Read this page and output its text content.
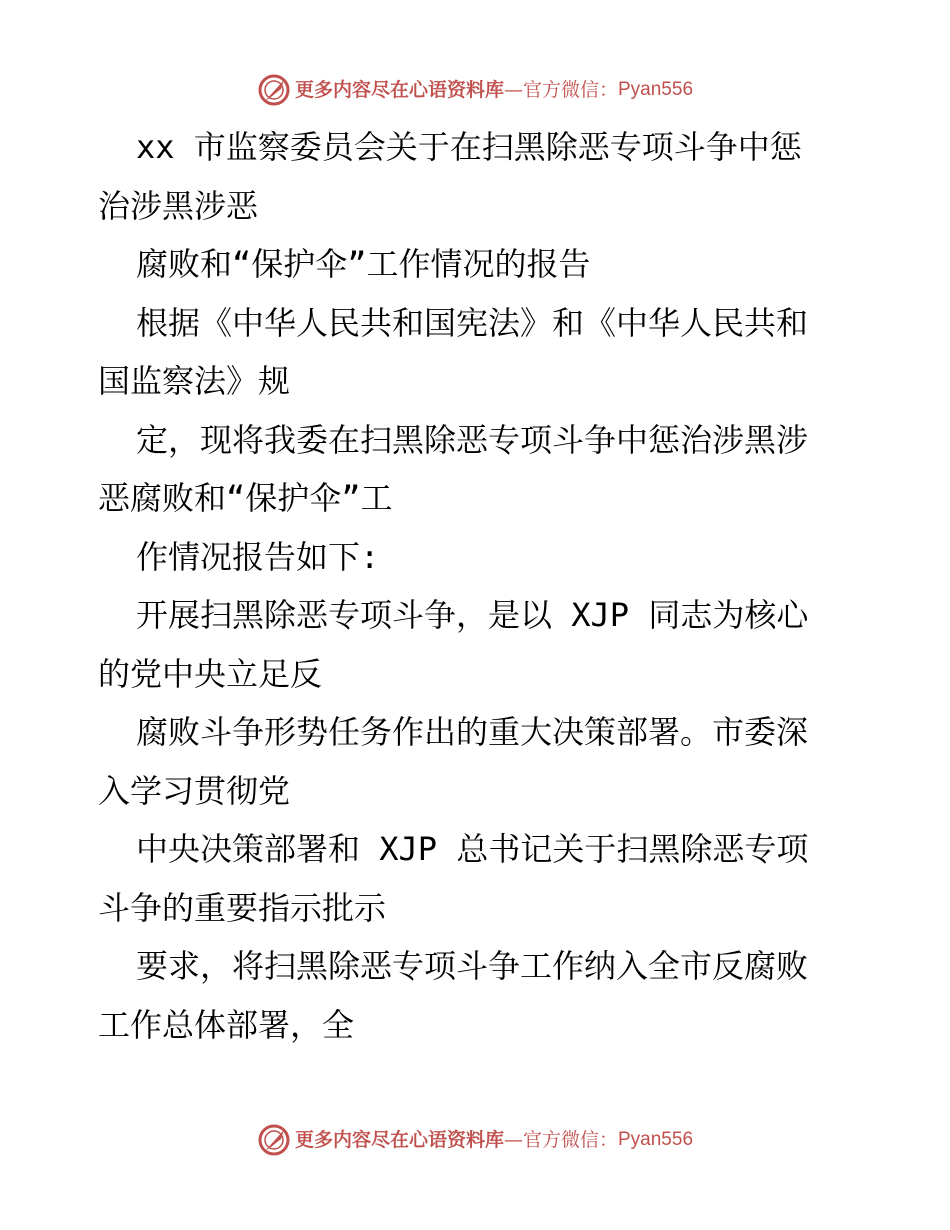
更多内容尽在心语资料库 — 官方微信： Pyan556
xx 市监察委员会关于在扫黑除恶专项斗争中惩
治涉黑涉恶
腐败和“保护伞”工作情况的报告
根据《中华人民共和国宪法》和《中华人民共和
国监察法》规
定，现将我委在扫黑除恶专项斗争中惩治涉黑涉
恶腐败和“保护伞”工
作情况报告如下:
开展扫黑除恶专项斗争，是以 XJP 同志为核心
的党中央立足反
腐败斗争形势任务作出的重大决策部署。市委深
入学习贯彻党
中央决策部署和 XJP 总书记关于扫黑除恶专项
斗争的重要指示批示
要求，将扫黑除恶专项斗争工作纳入全市反腐败
工作总体部署，全
更多内容尽在心语资料库 — 官方微信： Pyan556
